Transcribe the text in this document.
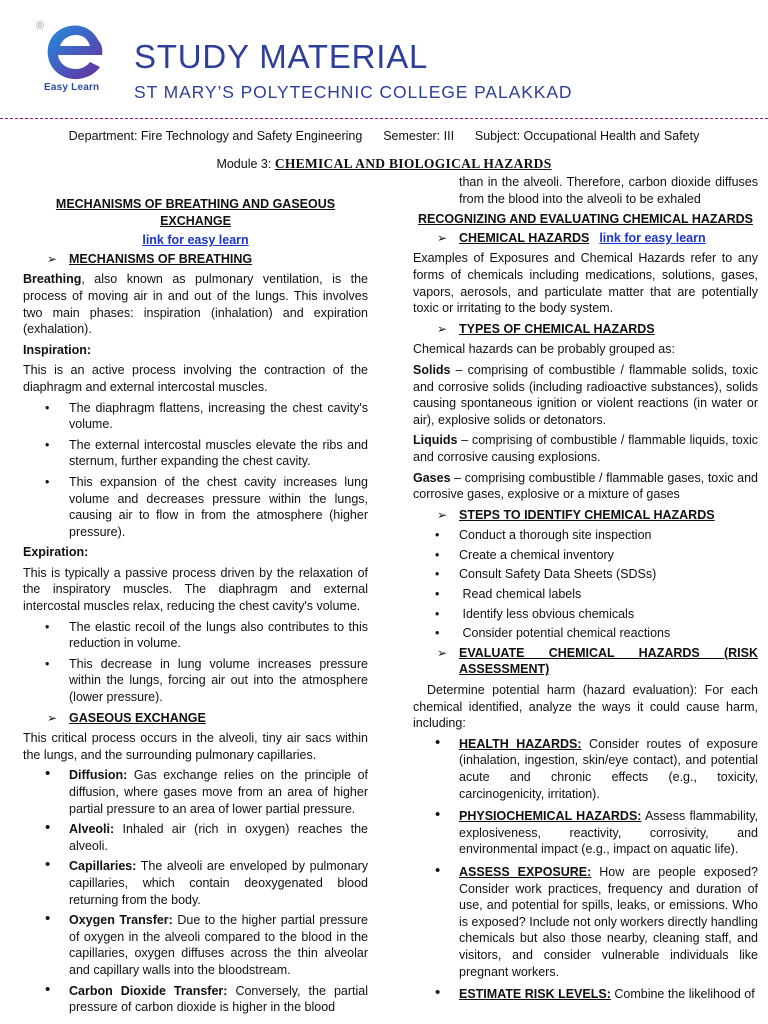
®
Easy Learn
STUDY MATERIAL
ST MARY’S POLYTECHNIC COLLEGE PALAKKAD
Department: Fire Technology and Safety Engineering Semester: III Subject: Occupational Health and Safety
Module 3: CHEMICAL AND BIOLOGICAL HAZARDS
MECHANISMS OF BREATHING AND GASEOUS EXCHANGE
link for easy learn
➢ MECHANISMS OF BREATHING
Breathing, also known as pulmonary ventilation, is the process of moving air in and out of the lungs. This involves two main phases: inspiration (inhalation) and expiration (exhalation).
Inspiration:
This is an active process involving the contraction of the diaphragm and external intercostal muscles.
• The diaphragm flattens, increasing the chest cavity's volume.
• The external intercostal muscles elevate the ribs and sternum, further expanding the chest cavity.
• This expansion of the chest cavity increases lung volume and decreases pressure within the lungs, causing air to flow in from the atmosphere (higher pressure).
Expiration:
This is typically a passive process driven by the relaxation of the inspiratory muscles. The diaphragm and external intercostal muscles relax, reducing the chest cavity's volume.
• The elastic recoil of the lungs also contributes to this reduction in volume.
• This decrease in lung volume increases pressure within the lungs, forcing air out into the atmosphere (lower pressure).
➢ GASEOUS EXCHANGE
This critical process occurs in the alveoli, tiny air sacs within the lungs, and the surrounding pulmonary capillaries.
• Diffusion: Gas exchange relies on the principle of diffusion, where gases move from an area of higher partial pressure to an area of lower partial pressure.
• Alveoli: Inhaled air (rich in oxygen) reaches the alveoli.
• Capillaries: The alveoli are enveloped by pulmonary capillaries, which contain deoxygenated blood returning from the body.
• Oxygen Transfer: Due to the higher partial pressure of oxygen in the alveoli compared to the blood in the capillaries, oxygen diffuses across the thin alveolar and capillary walls into the bloodstream.
• Carbon Dioxide Transfer: Conversely, the partial pressure of carbon dioxide is higher in the blood
than in the alveoli. Therefore, carbon dioxide diffuses from the blood into the alveoli to be exhaled
RECOGNIZING AND EVALUATING CHEMICAL HAZARDS
➢ CHEMICAL HAZARDS link for easy learn
Examples of Exposures and Chemical Hazards refer to any forms of chemicals including medications, solutions, gases, vapors, aerosols, and particulate matter that are potentially toxic or irritating to the body system.
➢ TYPES OF CHEMICAL HAZARDS
Chemical hazards can be probably grouped as:
Solids – comprising of combustible / flammable solids, toxic and corrosive solids (including radioactive substances), solids causing spontaneous ignition or violent reactions (in water or air), explosive solids or detonators.
Liquids – comprising of combustible / flammable liquids, toxic and corrosive causing explosions.
Gases – comprising combustible / flammable gases, toxic and corrosive gases, explosive or a mixture of gases
➢ STEPS TO IDENTIFY CHEMICAL HAZARDS
• Conduct a thorough site inspection
• Create a chemical inventory
• Consult Safety Data Sheets (SDSs)
• Read chemical labels
• Identify less obvious chemicals
• Consider potential chemical reactions
➢ EVALUATE CHEMICAL HAZARDS (RISK ASSESSMENT)
Determine potential harm (hazard evaluation): For each chemical identified, analyze the ways it could cause harm, including:
• HEALTH HAZARDS: Consider routes of exposure (inhalation, ingestion, skin/eye contact), and potential acute and chronic effects (e.g., toxicity, carcinogenicity, irritation).
• PHYSIOCHEMICAL HAZARDS: Assess flammability, explosiveness, reactivity, corrosivity, and environmental impact (e.g., impact on aquatic life).
• ASSESS EXPOSURE: How are people exposed? Consider work practices, frequency and duration of use, and potential for spills, leaks, or emissions. Who is exposed? Include not only workers directly handling chemicals but also those nearby, cleaning staff, and visitors, and consider vulnerable individuals like pregnant workers.
• ESTIMATE RISK LEVELS: Combine the likelihood of
